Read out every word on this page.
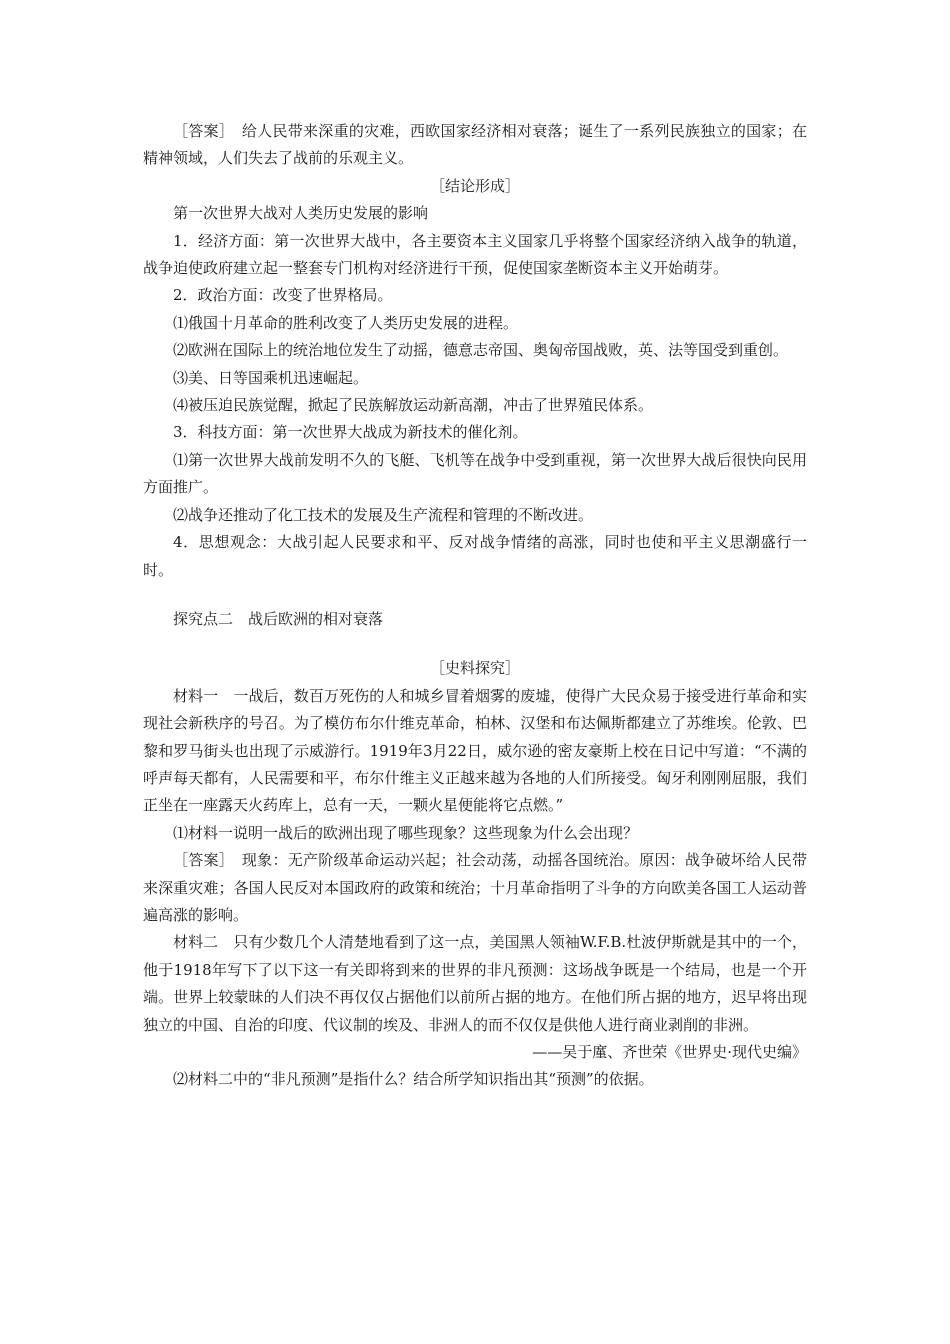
［答案］　给人民带来深重的灾难，西欧国家经济相对衰落；诞生了一系列民族独立的国家；在精神领域，人们失去了战前的乐观主义。

［结论形成］

第一次世界大战对人类历史发展的影响

1．经济方面：第一次世界大战中，各主要资本主义国家几乎将整个国家经济纳入战争的轨道，战争迫使政府建立起一整套专门机构对经济进行干预，促使国家垄断资本主义开始萌芽。

2．政治方面：改变了世界格局。

⑴俄国十月革命的胜利改变了人类历史发展的进程。

⑵欧洲在国际上的统治地位发生了动摇，德意志帝国、奥匈帝国战败，英、法等国受到重创。

⑶美、日等国乘机迅速崛起。

⑷被压迫民族觉醒，掀起了民族解放运动新高潮，冲击了世界殖民体系。

3．科技方面：第一次世界大战成为新技术的催化剂。

⑴第一次世界大战前发明不久的飞艇、飞机等在战争中受到重视，第一次世界大战后很快向民用方面推广。

⑵战争还推动了化工技术的发展及生产流程和管理的不断改进。

4．思想观念：大战引起人民要求和平、反对战争情绪的高涨，同时也使和平主义思潮盛行一时。

探究点二　战后欧洲的相对衰落

［史料探究］

材料一　一战后，数百万死伤的人和城乡冒着烟雾的废墟，使得广大民众易于接受进行革命和实现社会新秩序的号召。为了模仿布尔什维克革命，柏林、汉堡和布达佩斯都建立了苏维埃。伦敦、巴黎和罗马街头也出现了示威游行。1919年3月22日，威尔逊的密友豪斯上校在日记中写道：“不满的呼声每天都有，人民需要和平，布尔什维主义正越来越为各地的人们所接受。匈牙利刚刚屈服，我们正坐在一座露天火药库上，总有一天，一颗火星便能将它点燃。”

⑴材料一说明一战后的欧洲出现了哪些现象？这些现象为什么会出现？

［答案］　现象：无产阶级革命运动兴起；社会动荡，动摇各国统治。原因：战争破坏给人民带来深重灾难；各国人民反对本国政府的政策和统治；十月革命指明了斗争的方向欧美各国工人运动普遍高涨的影响。

材料二　只有少数几个人清楚地看到了这一点，美国黑人领袖W.F.B.杜波伊斯就是其中的一个，他于1918年写下了以下这一有关即将到来的世界的非凡预测：这场战争既是一个结局，也是一个开端。世界上较蒙昧的人们决不再仅仅占据他们以前所占据的地方。在他们所占据的地方，迟早将出现独立的中国、自治的印度、代议制的埃及、非洲人的而不仅仅是供他人进行商业剥削的非洲。

——吴于廑、齐世荣《世界史·现代史编》

⑵材料二中的“非凡预测”是指什么？结合所学知识指出其“预测”的依据。
